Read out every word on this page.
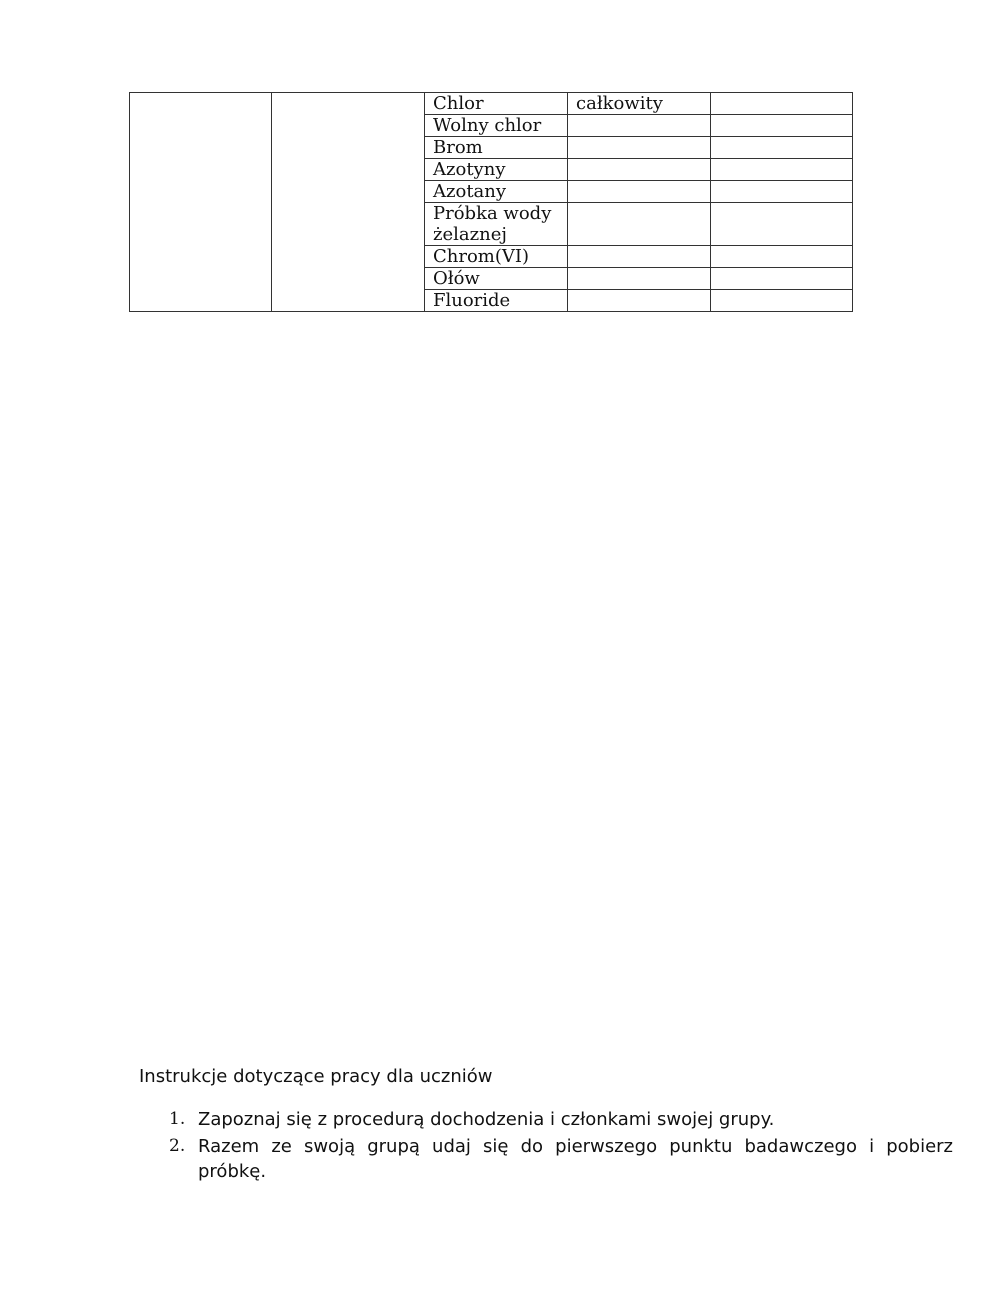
		Chlor	całkowity	
		Wolny chlor		
		Brom		
		Azotyny		
		Azotany		
		Próbka wody żelaznej		
		Chrom(VI)		
		Ołów		
		Fluoride		

Instrukcje dotyczące pracy dla uczniów

1. Zapoznaj się z procedurą dochodzenia i członkami swojej grupy.
2. Razem ze swoją grupą udaj się do pierwszego punktu badawczego i pobierz próbkę.
